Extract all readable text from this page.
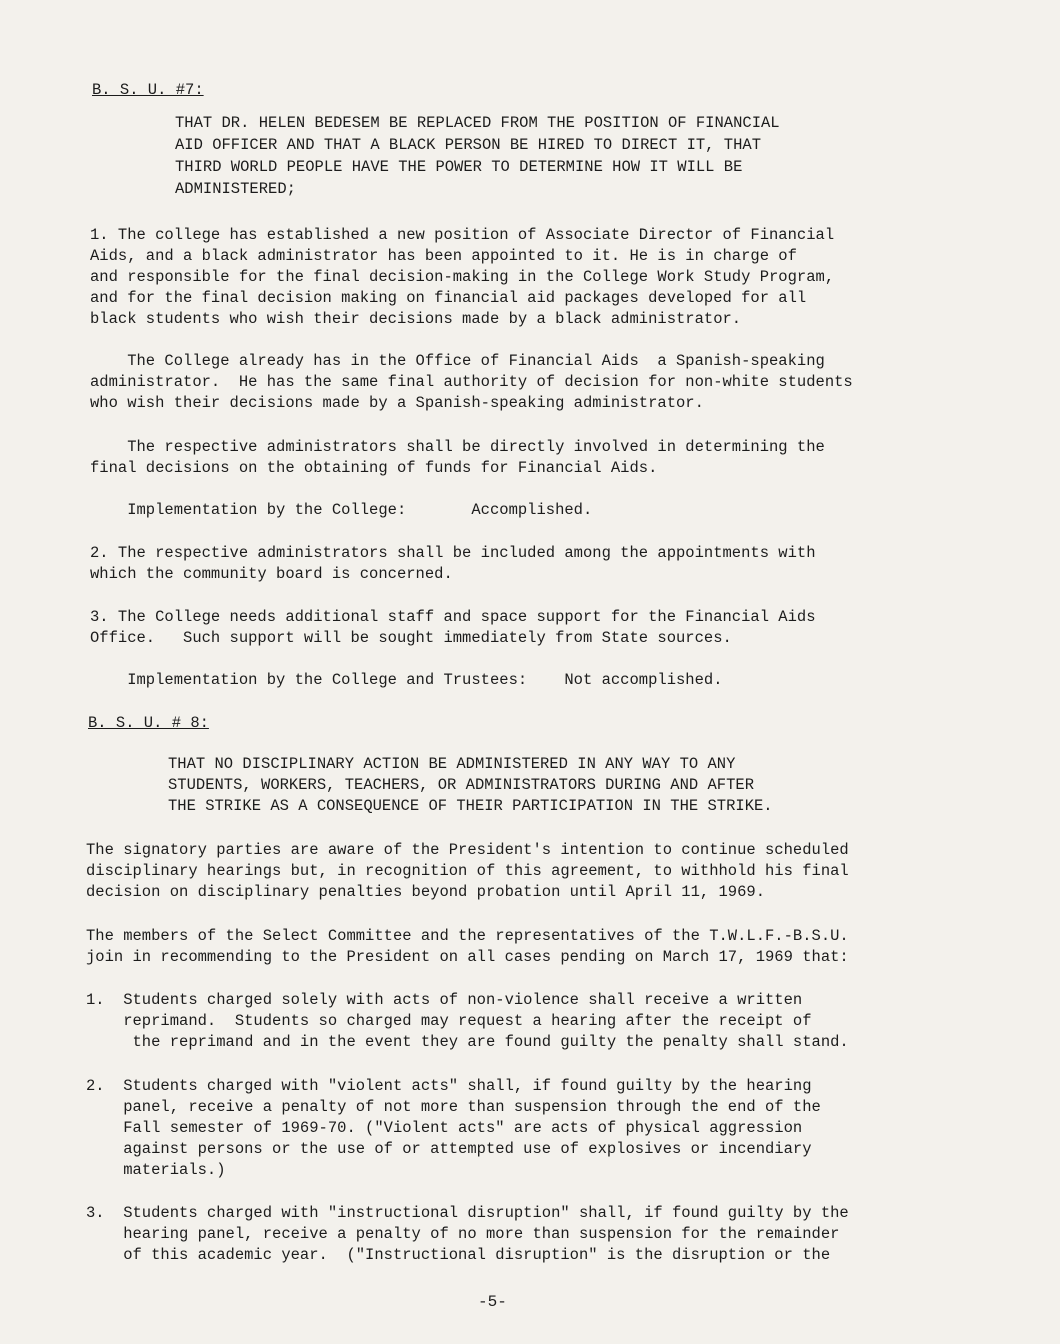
B. S. U. #7:
THAT DR. HELEN BEDESEM BE REPLACED FROM THE POSITION OF FINANCIAL
AID OFFICER AND THAT A BLACK PERSON BE HIRED TO DIRECT IT, THAT
THIRD WORLD PEOPLE HAVE THE POWER TO DETERMINE HOW IT WILL BE
ADMINISTERED;
1. The college has established a new position of Associate Director of Financial
Aids, and a black administrator has been appointed to it. He is in charge of
and responsible for the final decision-making in the College Work Study Program,
and for the final decision making on financial aid packages developed for all
black students who wish their decisions made by a black administrator.
The College already has in the Office of Financial Aids  a Spanish-speaking
administrator.  He has the same final authority of decision for non-white students
who wish their decisions made by a Spanish-speaking administrator.
The respective administrators shall be directly involved in determining the
final decisions on the obtaining of funds for Financial Aids.
Implementation by the College:       Accomplished.
2. The respective administrators shall be included among the appointments with
which the community board is concerned.
3. The College needs additional staff and space support for the Financial Aids
Office.   Such support will be sought immediately from State sources.
Implementation by the College and Trustees:    Not accomplished.
B. S. U. # 8:
THAT NO DISCIPLINARY ACTION BE ADMINISTERED IN ANY WAY TO ANY
STUDENTS, WORKERS, TEACHERS, OR ADMINISTRATORS DURING AND AFTER
THE STRIKE AS A CONSEQUENCE OF THEIR PARTICIPATION IN THE STRIKE.
The signatory parties are aware of the President's intention to continue scheduled
disciplinary hearings but, in recognition of this agreement, to withhold his final
decision on disciplinary penalties beyond probation until April 11, 1969.
The members of the Select Committee and the representatives of the T.W.L.F.-B.S.U.
join in recommending to the President on all cases pending on March 17, 1969 that:
1.  Students charged solely with acts of non-violence shall receive a written
reprimand.  Students so charged may request a hearing after the receipt of
the reprimand and in the event they are found guilty the penalty shall stand.
2.  Students charged with "violent acts" shall, if found guilty by the hearing
panel, receive a penalty of not more than suspension through the end of the
Fall semester of 1969-70. ("Violent acts" are acts of physical aggression
against persons or the use of or attempted use of explosives or incendiary
materials.)
3.  Students charged with "instructional disruption" shall, if found guilty by the
hearing panel, receive a penalty of no more than suspension for the remainder
of this academic year.  ("Instructional disruption" is the disruption or the
-5-
